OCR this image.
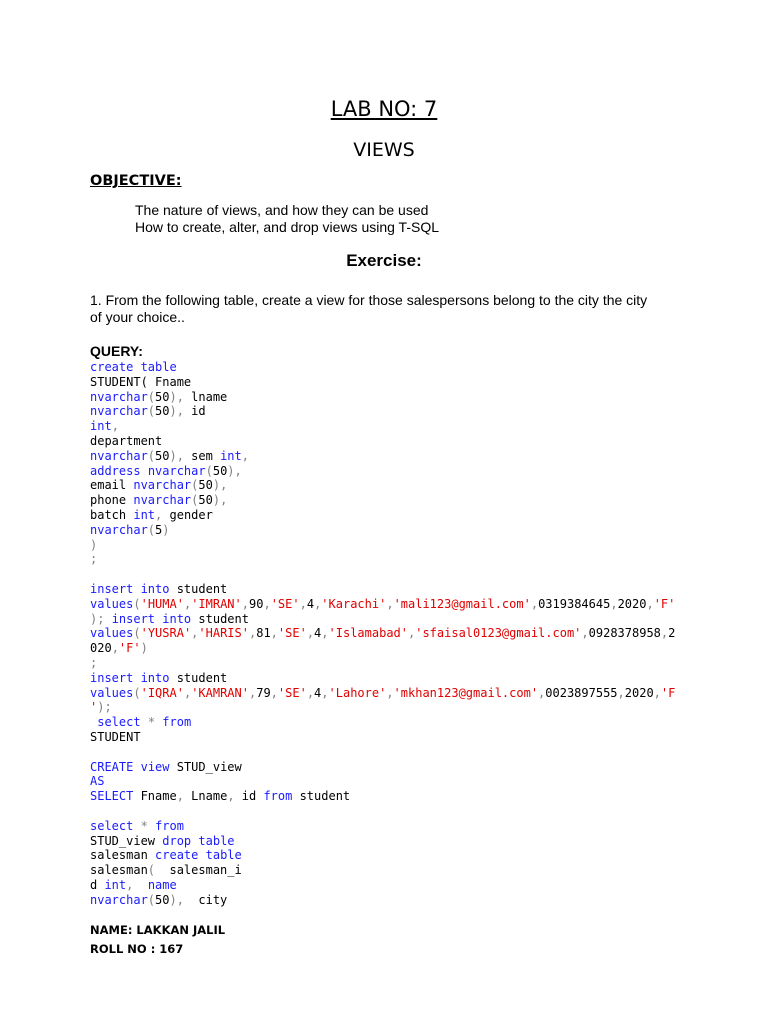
LAB NO: 7
VIEWS
OBJECTIVE:
The nature of views, and how they can be used
How to create, alter, and drop views using T-SQL
Exercise:
1. From the following table, create a view for those salespersons belong to the city the city of your choice..
QUERY:
create table
STUDENT( Fname
nvarchar(50), lname
nvarchar(50), id
int,
department
nvarchar(50), sem int,
address nvarchar(50),
email nvarchar(50),
phone nvarchar(50),
batch int, gender
nvarchar(5)
)
;
insert into student
values('HUMA','IMRAN',90,'SE',4,'Karachi','mali123@gmail.com',0319384645,2020,'F'
); insert into student
values('YUSRA','HARIS',81,'SE',4,'Islamabad','sfaisal0123@gmail.com',0928378958,2
020,'F')
;
insert into student
values('IQRA','KAMRAN',79,'SE',4,'Lahore','mkhan123@gmail.com',0023897555,2020,'F
');
select * from
STUDENT
CREATE view STUD_view
AS
SELECT Fname, Lname, id from student
select * from
STUD_view drop table
salesman create table
salesman(  salesman_i
d int, name
nvarchar(50),  city
NAME: LAKKAN JALIL
ROLL NO : 167
